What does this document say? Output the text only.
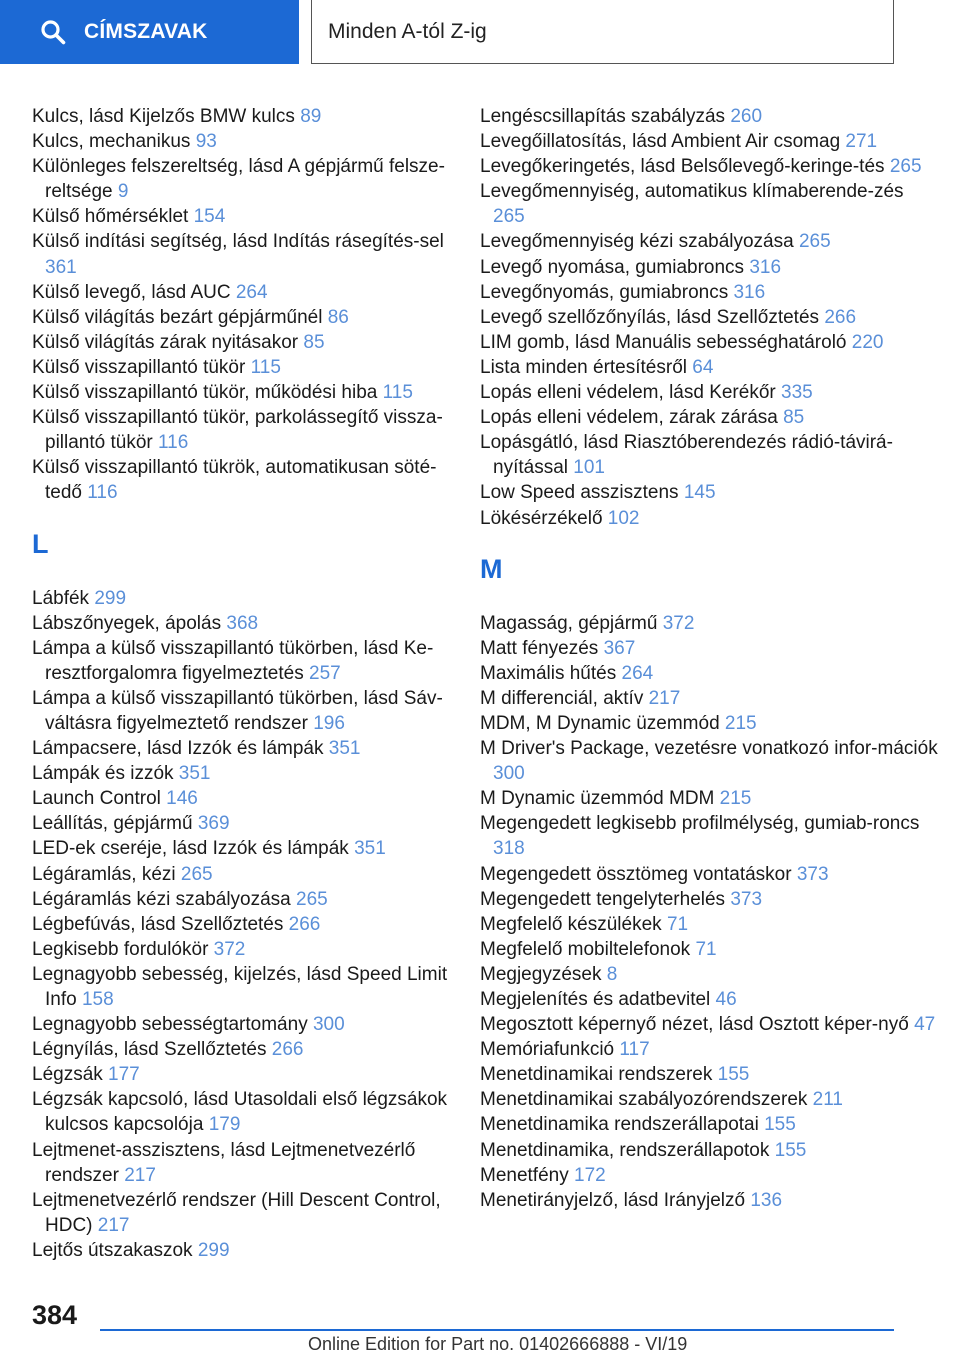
CÍMSZAVAK	Minden A-tól Z-ig
Kulcs, lásd Kijelzős BMW kulcs 89
Kulcs, mechanikus 93
Különleges felszereltség, lásd A gépjármű felsze-reltsége 9
Külső hőmérséklet 154
Külső indítási segítség, lásd Indítás rásegítés-sel 361
Külső levegő, lásd AUC 264
Külső világítás bezárt gépjárműnél 86
Külső világítás zárak nyitásakor 85
Külső visszapillantó tükör 115
Külső visszapillantó tükör, működési hiba 115
Külső visszapillantó tükör, parkolássegítő vissza-pillantó tükör 116
Külső visszapillantó tükrök, automatikusan söté-tedő 116
L
Lábfék 299
Lábszőnyegek, ápolás 368
Lámpa a külső visszapillantó tükörben, lásd Ke-resztforgalomra figyelmeztetés 257
Lámpa a külső visszapillantó tükörben, lásd Sáv-váltásra figyelmeztető rendszer 196
Lámpacsere, lásd Izzók és lámpák 351
Lámpák és izzók 351
Launch Control 146
Leállítás, gépjármű 369
LED-ek cseréje, lásd Izzók és lámpák 351
Légáramlás, kézi 265
Légáramlás kézi szabályozása 265
Légbefúvás, lásd Szellőztetés 266
Legkisebb fordulókör 372
Legnagyobb sebesség, kijelzés, lásd Speed Limit Info 158
Legnagyobb sebességtartomány 300
Légnyílás, lásd Szellőztetés 266
Légzsák 177
Légzsák kapcsoló, lásd Utasoldali első légzsákok kulcsos kapcsolója 179
Lejtmenet-asszisztens, lásd Lejtmenetvezérlő rendszer 217
Lejtmenetvezérlő rendszer (Hill Descent Control, HDC) 217
Lejtős útszakaszok 299
Lengéscsillapítás szabályzás 260
Levegőillatosítás, lásd Ambient Air csomag 271
Levegőkeringetés, lásd Belsőlevegő-keringe-tés 265
Levegőmennyiség, automatikus klímaberende-zés 265
Levegőmennyiség kézi szabályozása 265
Levegő nyomása, gumiabroncs 316
Levegőnyomás, gumiabroncs 316
Levegő szellőzőnyílás, lásd Szellőztetés 266
LIM gomb, lásd Manuális sebességhatároló 220
Lista minden értesítésről 64
Lopás elleni védelem, lásd Kerékőr 335
Lopás elleni védelem, zárak zárása 85
Lopásgátló, lásd Riasztóberendezés rádió-távirá-nyítással 101
Low Speed asszisztens 145
Lökésérzékelő 102
M
Magasság, gépjármű 372
Matt fényezés 367
Maximális hűtés 264
M differenciál, aktív 217
MDM, M Dynamic üzemmód 215
M Driver's Package, vezetésre vonatkozó infor-mációk 300
M Dynamic üzemmód MDM 215
Megengedett legkisebb profilmélység, gumiab-roncs 318
Megengedett össztömeg vontatáskor 373
Megengedett tengelyterhelés 373
Megfelelő készülékek 71
Megfelelő mobiltelefonok 71
Megjegyzések 8
Megjelenítés és adatbevitel 46
Megosztott képernyő nézet, lásd Osztott képer-nyő 47
Memóriafunkció 117
Menetdinamikai rendszerek 155
Menetdinamikai szabályozórendszerek 211
Menetdinamika rendszerállapotai 155
Menetdinamika, rendszerállapotok 155
Menetfény 172
Menetirányjelző, lásd Irányjelző 136
384
Online Edition for Part no. 01402666888 - VI/19
